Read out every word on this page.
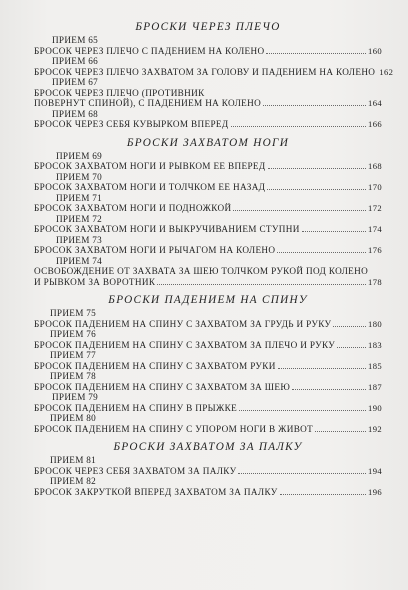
БРОСКИ ЧЕРЕЗ ПЛЕЧО
ПРИЕМ 65
БРОСОК ЧЕРЕЗ ПЛЕЧО С ПАДЕНИЕМ НА КОЛЕНО	160
ПРИЕМ 66
БРОСОК ЧЕРЕЗ ПЛЕЧО ЗАХВАТОМ ЗА ГОЛОВУ И ПАДЕНИЕМ НА КОЛЕНО 162
ПРИЕМ 67
БРОСОК ЧЕРЕЗ ПЛЕЧО (ПРОТИВНИК
ПОВЕРНУТ СПИНОЙ), С ПАДЕНИЕМ НА КОЛЕНО	164
ПРИЕМ 68
БРОСОК ЧЕРЕЗ СЕБЯ КУВЫРКОМ ВПЕРЕД	166
БРОСКИ ЗАХВАТОМ НОГИ
ПРИЕМ 69
БРОСОК ЗАХВАТОМ НОГИ И РЫВКОМ ЕЕ ВПЕРЕД	168
ПРИЕМ 70
БРОСОК ЗАХВАТОМ НОГИ И ТОЛЧКОМ ЕЕ НАЗАД	170
ПРИЕМ 71
БРОСОК ЗАХВАТОМ НОГИ И ПОДНОЖКОЙ	172
ПРИЕМ 72
БРОСОК ЗАХВАТОМ НОГИ И ВЫКРУЧИВАНИЕМ СТУПНИ	174
ПРИЕМ 73
БРОСОК ЗАХВАТОМ НОГИ И РЫЧАГОМ НА КОЛЕНО	176
ПРИЕМ 74
ОСВОБОЖДЕНИЕ ОТ ЗАХВАТА ЗА ШЕЮ ТОЛЧКОМ РУКОЙ ПОД КОЛЕНО
И РЫВКОМ ЗА ВОРОТНИК	178
БРОСКИ ПАДЕНИЕМ НА СПИНУ
ПРИЕМ 75
БРОСОК ПАДЕНИЕМ НА СПИНУ С ЗАХВАТОМ ЗА ГРУДЬ И РУКУ	180
ПРИЕМ 76
БРОСОК ПАДЕНИЕМ НА СПИНУ С ЗАХВАТОМ ЗА ПЛЕЧО И РУКУ	183
ПРИЕМ 77
БРОСОК ПАДЕНИЕМ НА СПИНУ С ЗАХВАТОМ РУКИ	185
ПРИЕМ 78
БРОСОК ПАДЕНИЕМ НА СПИНУ С ЗАХВАТОМ ЗА ШЕЮ	187
ПРИЕМ 79
БРОСОК ПАДЕНИЕМ НА СПИНУ В ПРЫЖКЕ	190
ПРИЕМ 80
БРОСОК ПАДЕНИЕМ НА СПИНУ С УПОРОМ НОГИ В ЖИВОТ	192
БРОСКИ ЗАХВАТОМ ЗА ПАЛКУ
ПРИЕМ 81
БРОСОК ЧЕРЕЗ СЕБЯ ЗАХВАТОМ ЗА ПАЛКУ	194
ПРИЕМ 82
БРОСОК ЗАКРУТКОЙ ВПЕРЕД ЗАХВАТОМ ЗА ПАЛКУ	196
